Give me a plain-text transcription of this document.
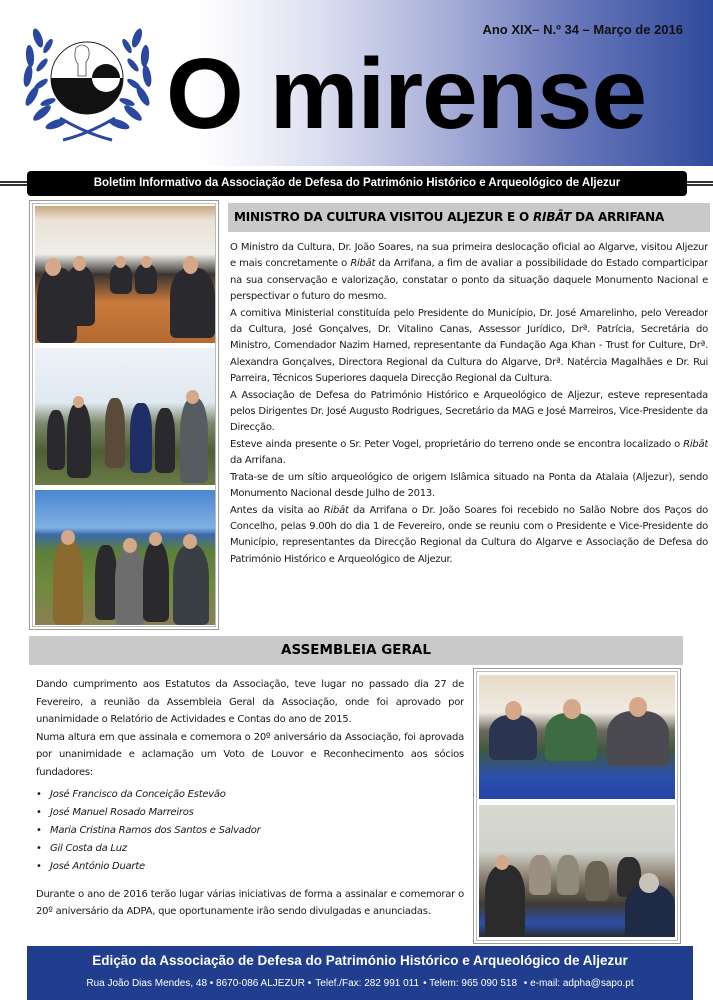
Ano XIX– N.º 34 – Março de 2016
O mirense
Boletim Informativo da Associação de Defesa do Património Histórico e Arqueológico de Aljezur
MINISTRO DA CULTURA VISITOU ALJEZUR E O RIBĀT DA ARRIFANA

O Ministro da Cultura, Dr. João Soares, na sua primeira deslocação oficial ao Algarve, visitou Aljezur e mais concretamente o Ribāt da Arrifana, a fim de avaliar a possibilidade do Estado comparticipar na sua conservação e valorização, constatar o ponto da situação daquele Monumento Nacional e perspectivar o futuro do mesmo.

A comitiva Ministerial constituída pelo Presidente do Município, Dr. José Amarelinho, pelo Vereador da Cultura, José Gonçalves, Dr. Vitalino Canas, Assessor Jurídico, Drª. Patrícia, Secretária do Ministro, Comendador Nazim Hamed, representante da Fundação Aga Khan - Trust for Culture, Drª. Alexandra Gonçalves, Directora Regional da Cultura do Algarve, Drª. Natércia Magalhães e Dr. Rui Parreira, Técnicos Superiores daquela Direcção Regional da Cultura.

A Associação de Defesa do Património Histórico e Arqueológico de Aljezur, esteve representada pelos Dirigentes Dr. José Augusto Rodrigues, Secretário da MAG e José Marreiros, Vice-Presidente da Direcção.

Esteve ainda presente o Sr. Peter Vogel, proprietário do terreno onde se encontra localizado o Ribāt da Arrifana.

Trata-se de um sítio arqueológico de origem Islâmica situado na Ponta da Atalaia (Aljezur), sendo Monumento Nacional desde Julho de 2013.

Antes da visita ao Ribāt da Arrifana o Dr. João Soares foi recebido no Salão Nobre dos Paços do Concelho, pelas 9.00h do dia 1 de Fevereiro, onde se reuniu com o Presidente e Vice-Presidente do Município, representantes da Direcção Regional da Cultura do Algarve e Associação de Defesa do Património Histórico e Arqueológico de Aljezur.

ASSEMBLEIA GERAL

Dando cumprimento aos Estatutos da Associação, teve lugar no passado dia 27 de Fevereiro, a reunião da Assembleia Geral da Associação, onde foi aprovado por unanimidade o Relatório de Actividades e Contas do ano de 2015.

Numa altura em que assinala e comemora o 20º aniversário da Associação, foi aprovada por unanimidade e aclamação um Voto de Louvor e Reconhecimento aos sócios fundadores:

• José Francisco da Conceição Estevão
• José Manuel Rosado Marreiros
• Maria Cristina Ramos dos Santos e Salvador
• Gil Costa da Luz
• José António Duarte

Durante o ano de 2016 terão lugar várias iniciativas de forma a assinalar e comemorar o 20º aniversário da ADPA, que oportunamente irão sendo divulgadas e anunciadas.

Edição da Associação de Defesa do Património Histórico e Arqueológico de Aljezur
Rua João Dias Mendes, 48 • 8670-086 ALJEZUR • Telef./Fax: 282 991 011 • Telem: 965 090 518 • e-mail: adpha@sapo.pt
